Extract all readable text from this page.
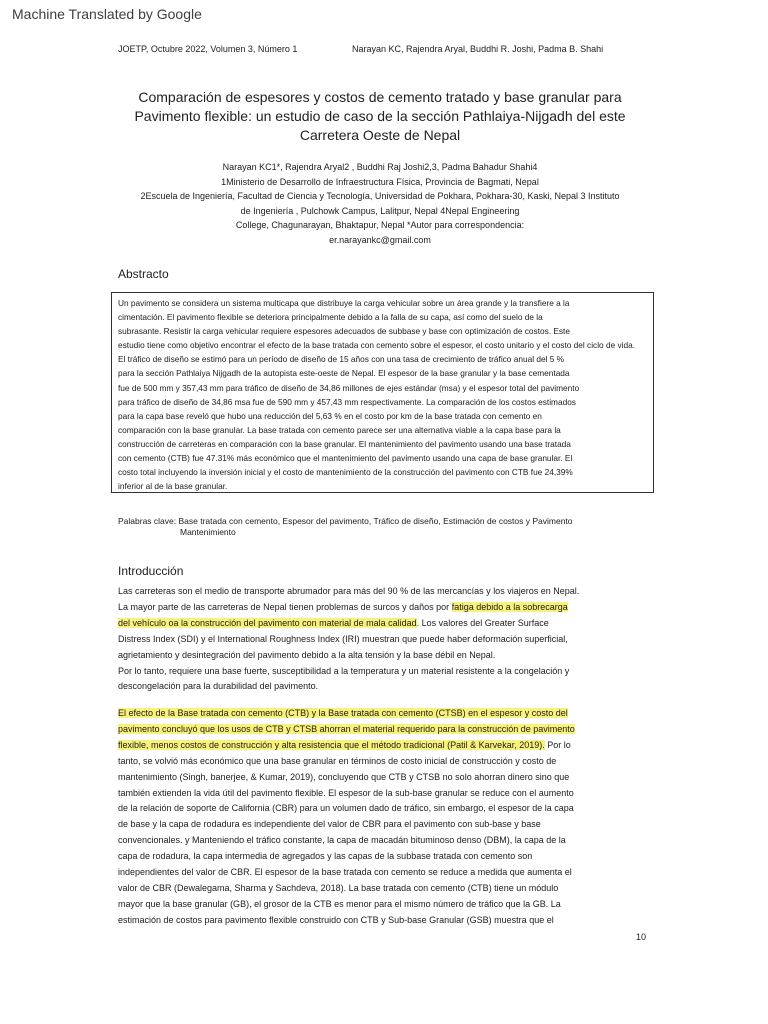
Machine Translated by Google
JOETP, Octubre 2022, Volumen 3, Número 1	Narayan KC, Rajendra Aryal, Buddhi R. Joshi, Padma B. Shahi
Comparación de espesores y costos de cemento tratado y base granular para
Pavimento flexible: un estudio de caso de la sección Pathlaiya-Nijgadh del este
Carretera Oeste de Nepal
Narayan KC1*, Rajendra Aryal2 , Buddhi Raj Joshi2,3, Padma Bahadur Shahi4
1Ministerio de Desarrollo de Infraestructura Física, Provincia de Bagmati, Nepal
2Escuela de Ingeniería, Facultad de Ciencia y Tecnología, Universidad de Pokhara, Pokhara-30, Kaski, Nepal 3 Instituto
de Ingeniería , Pulchowk Campus, Lalitpur, Nepal 4Nepal Engineering
College, Chagunarayan, Bhaktapur, Nepal *Autor para correspondencia:
er.narayankc@gmail.com
Abstracto
Un pavimento se considera un sistema multicapa que distribuye la carga vehicular sobre un área grande y la transfiere a la
cimentación. El pavimento flexible se deteriora principalmente debido a la falla de su capa, así como del suelo de la
subrasante. Resistir la carga vehicular requiere espesores adecuados de subbase y base con optimización de costos. Este
estudio tiene como objetivo encontrar el efecto de la base tratada con cemento sobre el espesor, el costo unitario y el costo del ciclo de vida.
El tráfico de diseño se estimó para un período de diseño de 15 años con una tasa de crecimiento de tráfico anual del 5 %
para la sección Pathlaiya Nijgadh de la autopista este-oeste de Nepal. El espesor de la base granular y la base cementada
fue de 500 mm y 357,43 mm para tráfico de diseño de 34,86 millones de ejes estándar (msa) y el espesor total del pavimento
para tráfico de diseño de 34,86 msa fue de 590 mm y 457,43 mm respectivamente. La comparación de los costos estimados
para la capa base reveló que hubo una reducción del 5,63 % en el costo por km de la base tratada con cemento en
comparación con la base granular. La base tratada con cemento parece ser una alternativa viable a la capa base para la
construcción de carreteras en comparación con la base granular. El mantenimiento del pavimento usando una base tratada
con cemento (CTB) fue 47.31% más económico que el mantenimiento del pavimento usando una capa de base granular. El
costo total incluyendo la inversión inicial y el costo de mantenimiento de la construcción del pavimento con CTB fue 24,39%
inferior al de la base granular.
Palabras clave: Base tratada con cemento, Espesor del pavimento, Tráfico de diseño, Estimación de costos y Pavimento
Mantenimiento
Introducción
Las carreteras son el medio de transporte abrumador para más del 90 % de las mercancías y los viajeros en Nepal.
La mayor parte de las carreteras de Nepal tienen problemas de surcos y daños por fatiga debido a la sobrecarga
del vehículo oa la construcción del pavimento con material de mala calidad. Los valores del Greater Surface
Distress Index (SDI) y el International Roughness Index (IRI) muestran que puede haber deformación superficial,
agrietamiento y desintegración del pavimento debido a la alta tensión y la base débil en Nepal.
Por lo tanto, requiere una base fuerte, susceptibilidad a la temperatura y un material resistente a la congelación y
descongelación para la durabilidad del pavimento.
El efecto de la Base tratada con cemento (CTB) y la Base tratada con cemento (CTSB) en el espesor y costo del
pavimento concluyó que los usos de CTB y CTSB ahorran el material requerido para la construcción de pavimento
flexible, menos costos de construcción y alta resistencia que el método tradicional (Patil & Karvekar, 2019). Por lo
tanto, se volvió más económico que una base granular en términos de costo inicial de construcción y costo de
mantenimiento (Singh, banerjee, & Kumar, 2019), concluyendo que CTB y CTSB no solo ahorran dinero sino que
también extienden la vida útil del pavimento flexible. El espesor de la sub-base granular se reduce con el aumento
de la relación de soporte de California (CBR) para un volumen dado de tráfico, sin embargo, el espesor de la capa
de base y la capa de rodadura es independiente del valor de CBR para el pavimento con sub-base y base
convencionales. y Manteniendo el tráfico constante, la capa de macadán bituminoso denso (DBM), la capa de la
capa de rodadura, la capa intermedia de agregados y las capas de la subbase tratada con cemento son
independientes del valor de CBR. El espesor de la base tratada con cemento se reduce a medida que aumenta el
valor de CBR (Dewalegama, Sharma y Sachdeva, 2018). La base tratada con cemento (CTB) tiene un módulo
mayor que la base granular (GB), el grosor de la CTB es menor para el mismo número de tráfico que la GB. La
estimación de costos para pavimento flexible construido con CTB y Sub-base Granular (GSB) muestra que el
10
